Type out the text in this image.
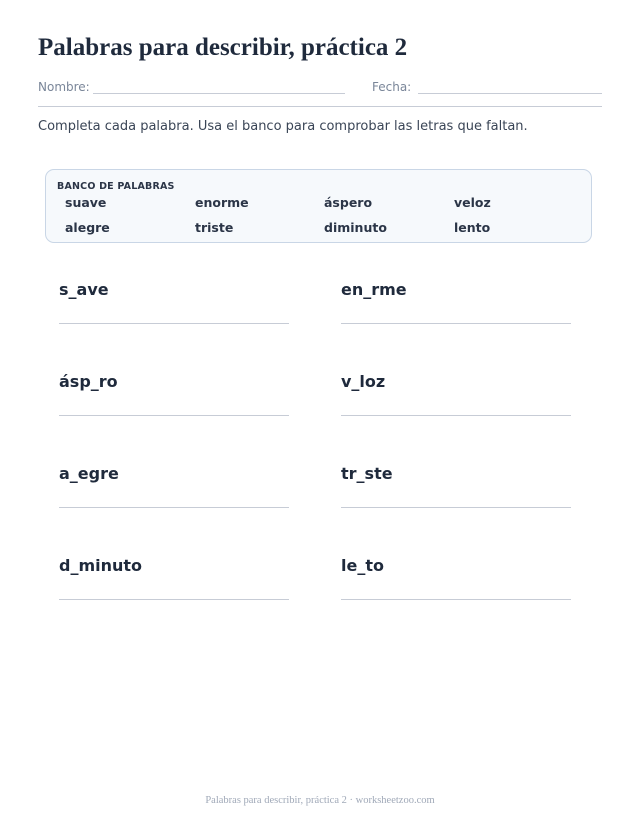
Palabras para describir, práctica 2
Nombre:	Fecha:
Completa cada palabra. Usa el banco para comprobar las letras que faltan.
BANCO DE PALABRAS
suave	enorme	áspero	veloz
alegre	triste	diminuto	lento
s_ave	en_rme
ásp_ro	v_loz
a_egre	tr_ste
d_minuto	le_to
Palabras para describir, práctica 2 · worksheetzoo.com
